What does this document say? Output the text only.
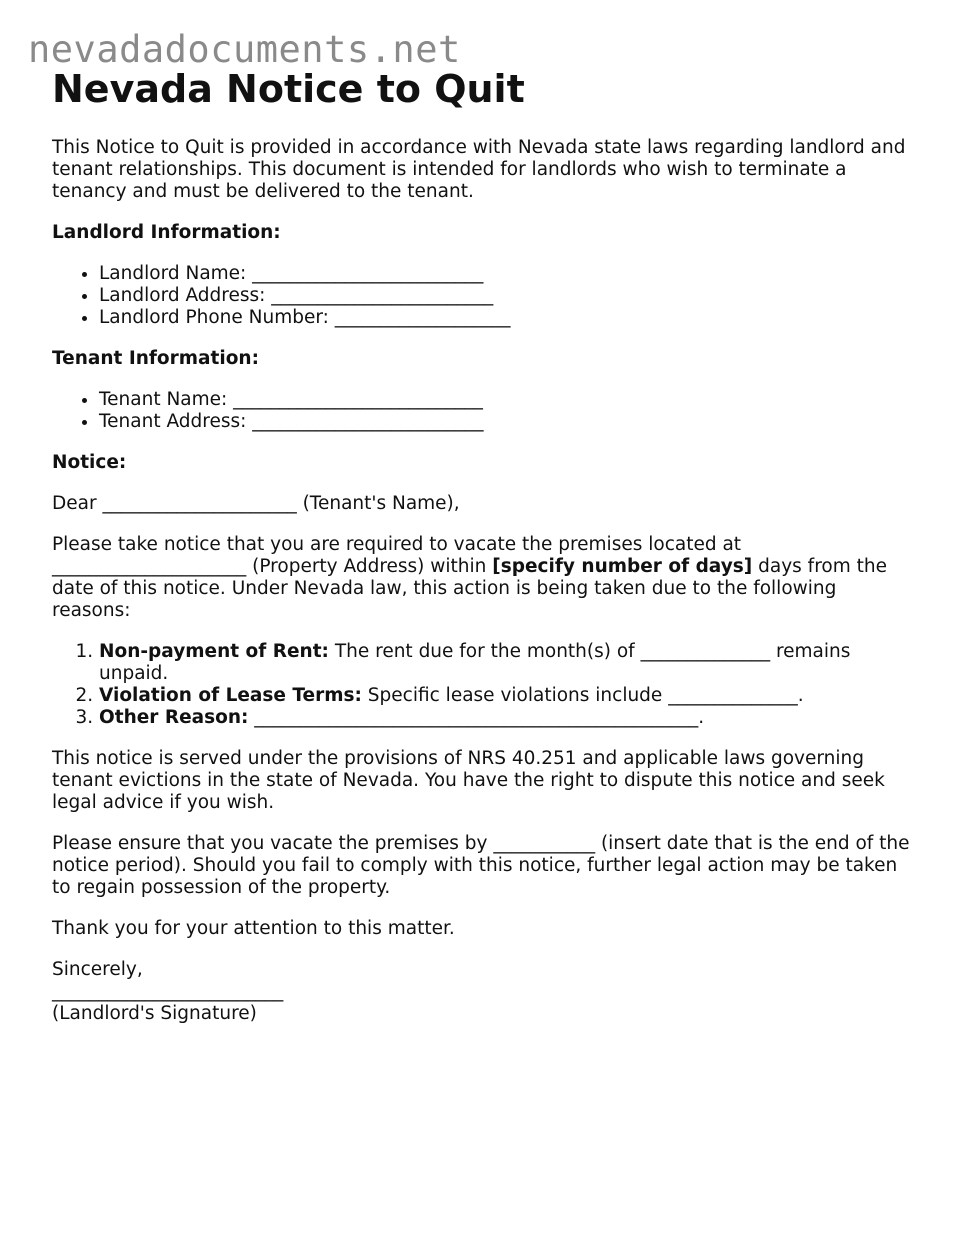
nevadadocuments.net
Nevada Notice to Quit

This Notice to Quit is provided in accordance with Nevada state laws regarding landlord and tenant relationships. This document is intended for landlords who wish to terminate a tenancy and must be delivered to the tenant.

Landlord Information:

• Landlord Name: _________________________
• Landlord Address: ________________________
• Landlord Phone Number: ___________________

Tenant Information:

• Tenant Name: ___________________________
• Tenant Address: _________________________

Notice:

Dear _____________________ (Tenant's Name),

Please take notice that you are required to vacate the premises located at _____________________ (Property Address) within [specify number of days] days from the date of this notice. Under Nevada law, this action is being taken due to the following reasons:

1. Non-payment of Rent: The rent due for the month(s) of ______________ remains unpaid.
2. Violation of Lease Terms: Specific lease violations include ______________.
3. Other Reason: ________________________________________________.

This notice is served under the provisions of NRS 40.251 and applicable laws governing tenant evictions in the state of Nevada. You have the right to dispute this notice and seek legal advice if you wish.

Please ensure that you vacate the premises by ___________ (insert date that is the end of the notice period). Should you fail to comply with this notice, further legal action may be taken to regain possession of the property.

Thank you for your attention to this matter.

Sincerely,

_________________________

(Landlord's Signature)
